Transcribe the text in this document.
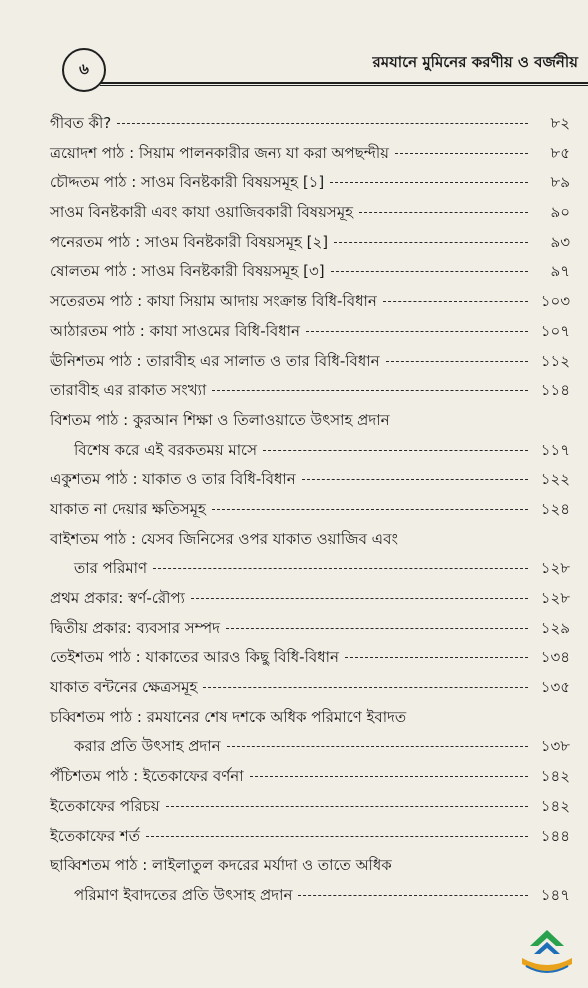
৬	রমযানে মুমিনের করণীয় ও বর্জনীয়
গীবত কী?	৮২
ত্রয়োদশ পাঠ : সিয়াম পালনকারীর জন্য যা করা অপছন্দীয়	৮৫
চৌদ্দতম পাঠ : সাওম বিনষ্টকারী বিষয়সমূহ [১]	৮৯
সাওম বিনষ্টকারী এবং কাযা ওয়াজিবকারী বিষয়সমূহ	৯০
পনেরতম পাঠ : সাওম বিনষ্টকারী বিষয়সমূহ [২]	৯৩
ষোলতম পাঠ : সাওম বিনষ্টকারী বিষয়সমূহ [৩]	৯৭
সতেরতম পাঠ : কাযা সিয়াম আদায় সংক্রান্ত বিধি-বিধান	১০৩
আঠারতম পাঠ : কাযা সাওমের বিধি-বিধান	১০৭
ঊনিশতম পাঠ : তারাবীহ এর সালাত ও তার বিধি-বিধান	১১২
তারাবীহ এর রাকাত সংখ্যা	১১৪
বিশতম পাঠ : কুরআন শিক্ষা ও তিলাওয়াতে উৎসাহ প্রদান
বিশেষ করে এই বরকতময় মাসে	১১৭
একুশতম পাঠ : যাকাত ও তার বিধি-বিধান	১২২
যাকাত না দেয়ার ক্ষতিসমূহ	১২৪
বাইশতম পাঠ : যেসব জিনিসের ওপর যাকাত ওয়াজিব এবং
তার পরিমাণ	১২৮
প্রথম প্রকার: স্বর্ণ-রৌপ্য	১২৮
দ্বিতীয় প্রকার: ব্যবসার সম্পদ	১২৯
তেইশতম পাঠ : যাকাতের আরও কিছু বিধি-বিধান	১৩৪
যাকাত বন্টনের ক্ষেত্রসমূহ	১৩৫
চব্বিশতম পাঠ : রমযানের শেষ দশকে অধিক পরিমাণে ইবাদত
করার প্রতি উৎসাহ প্রদান	১৩৮
পঁচিশতম পাঠ : ইতেকাফের বর্ণনা	১৪২
ইতেকাফের পরিচয়	১৪২
ইতেকাফের শর্ত	১৪৪
ছাব্বিশতম পাঠ : লাইলাতুল কদরের মর্যাদা ও তাতে অধিক
পরিমাণ ইবাদতের প্রতি উৎসাহ প্রদান	১৪৭
